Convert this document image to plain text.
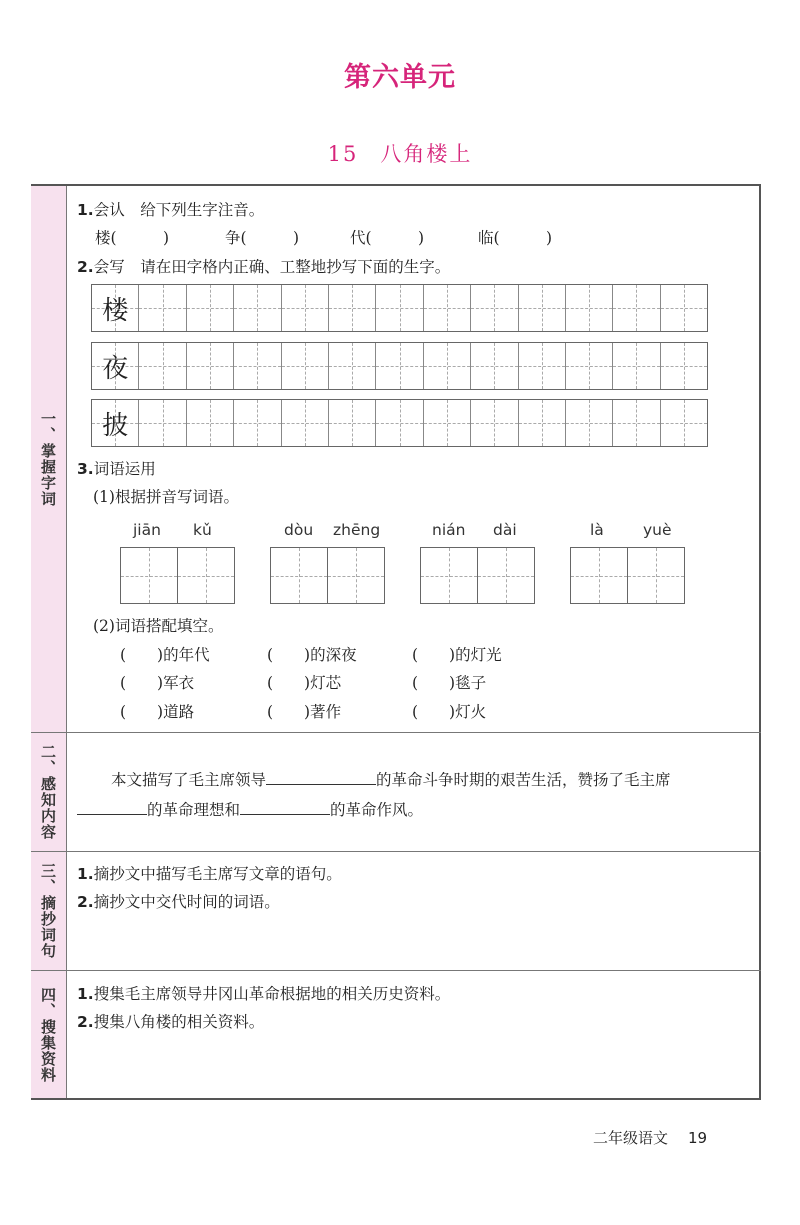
第六单元
15 八角楼上
一、掌握字词
二、感知内容
三、摘抄词句
四、搜集资料
1.会认　给下列生字注音。
楼(　　　)	争(　　　)	代(　　　)	临(　　　)
2.会写　请在田字格内正确、工整地抄写下面的生字。
楼
夜
披
3.词语运用
(1)根据拼音写词语。
jiān kǔ	dòu zhēng	nián dài	là	yuè
(2)词语搭配填空。
(　　)的年代	(　　)的深夜	(　　)的灯光
(　　)军衣	(　　)灯芯	(　　)毯子
(　　)道路	(　　)著作	(　　)灯火
本文描写了毛主席领导	的革命斗争时期的艰苦生活，赞扬了毛主席
的革命理想和	的革命作风。
1.摘抄文中描写毛主席写文章的语句。
2.摘抄文中交代时间的词语。
1.搜集毛主席领导井冈山革命根据地的相关历史资料。
2.搜集八角楼的相关资料。
二年级语文 19
